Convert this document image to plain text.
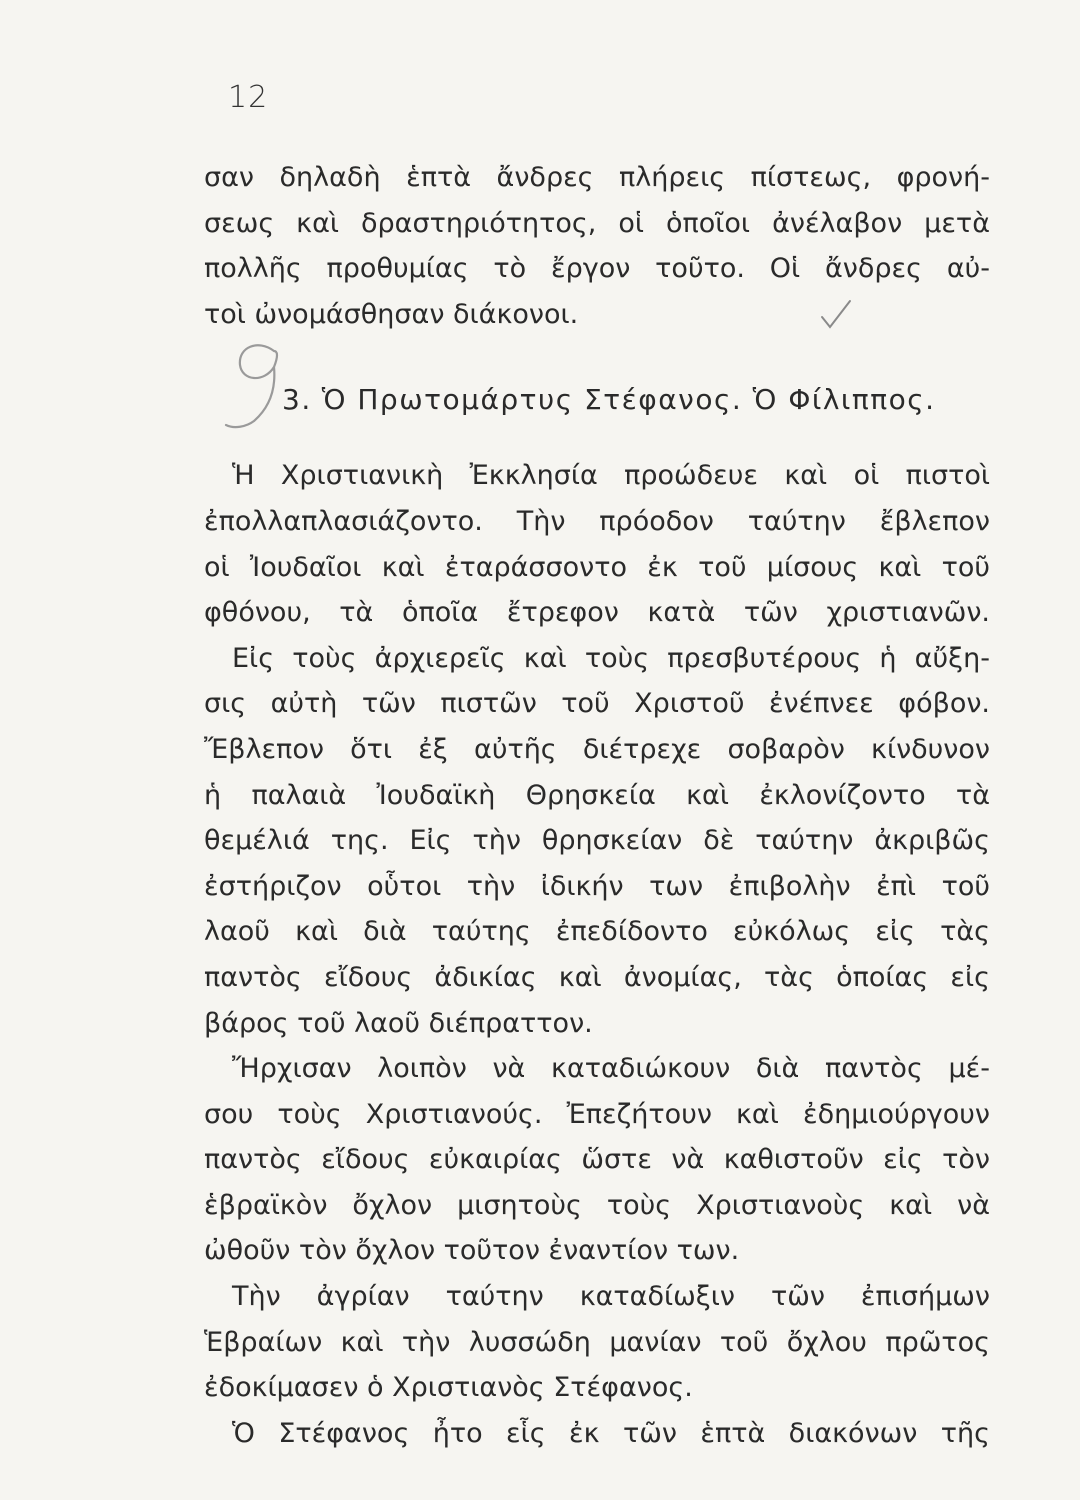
12
σαν δηλαδὴ ἑπτὰ ἄνδρες πλήρεις πίστεως, φρονή-
σεως καὶ δραστηριότητος, οἱ ὁποῖοι ἀνέλαβον μετὰ
πολλῆς προθυμίας τὸ ἔργον τοῦτο. Οἱ ἄνδρες αὐ-
τοὶ ὠνομάσθησαν διάκονοι.
3. Ὁ Πρωτομάρτυς Στέφανος. Ὁ Φίλιππος.
Ἡ Χριστιανικὴ Ἐκκλησία προώδευε καὶ οἱ πιστοὶ
ἐπολλαπλασιάζοντο. Τὴν πρόοδον ταύτην ἔβλεπον
οἱ Ἰουδαῖοι καὶ ἐταράσσοντο ἐκ τοῦ μίσους καὶ τοῦ
φθόνου, τὰ ὁποῖα ἔτρεφον κατὰ τῶν χριστιανῶν.
Εἰς τοὺς ἀρχιερεῖς καὶ τοὺς πρεσβυτέρους ἡ αὔξη-
σις αὐτὴ τῶν πιστῶν τοῦ Χριστοῦ ἐνέπνεε φόβον.
Ἔβλεπον ὅτι ἐξ αὐτῆς διέτρεχε σοβαρὸν κίνδυνον
ἡ παλαιὰ Ἰουδαϊκὴ Θρησκεία καὶ ἐκλονίζοντο τὰ
θεμέλιά της. Εἰς τὴν θρησκείαν δὲ ταύτην ἀκριβῶς
ἐστήριζον οὗτοι τὴν ἰδικήν των ἐπιβολὴν ἐπὶ τοῦ
λαοῦ καὶ διὰ ταύτης ἐπεδίδοντο εὐκόλως εἰς τὰς
παντὸς εἴδους ἀδικίας καὶ ἀνομίας, τὰς ὁποίας εἰς
βάρος τοῦ λαοῦ διέπραττον.
Ἤρχισαν λοιπὸν νὰ καταδιώκουν διὰ παντὸς μέ-
σου τοὺς Χριστιανούς. Ἐπεζήτουν καὶ ἐδημιούργουν
παντὸς εἴδους εὐκαιρίας ὥστε νὰ καθιστοῦν εἰς τὸν
ἑβραϊκὸν ὄχλον μισητοὺς τοὺς Χριστιανοὺς καὶ νὰ
ὠθοῦν τὸν ὄχλον τοῦτον ἐναντίον των.
Τὴν ἀγρίαν ταύτην καταδίωξιν τῶν ἐπισήμων
Ἑβραίων καὶ τὴν λυσσώδη μανίαν τοῦ ὄχλου πρῶτος
ἐδοκίμασεν ὁ Χριστιανὸς Στέφανος.
Ὁ Στέφανος ἦτο εἷς ἐκ τῶν ἑπτὰ διακόνων τῆς
